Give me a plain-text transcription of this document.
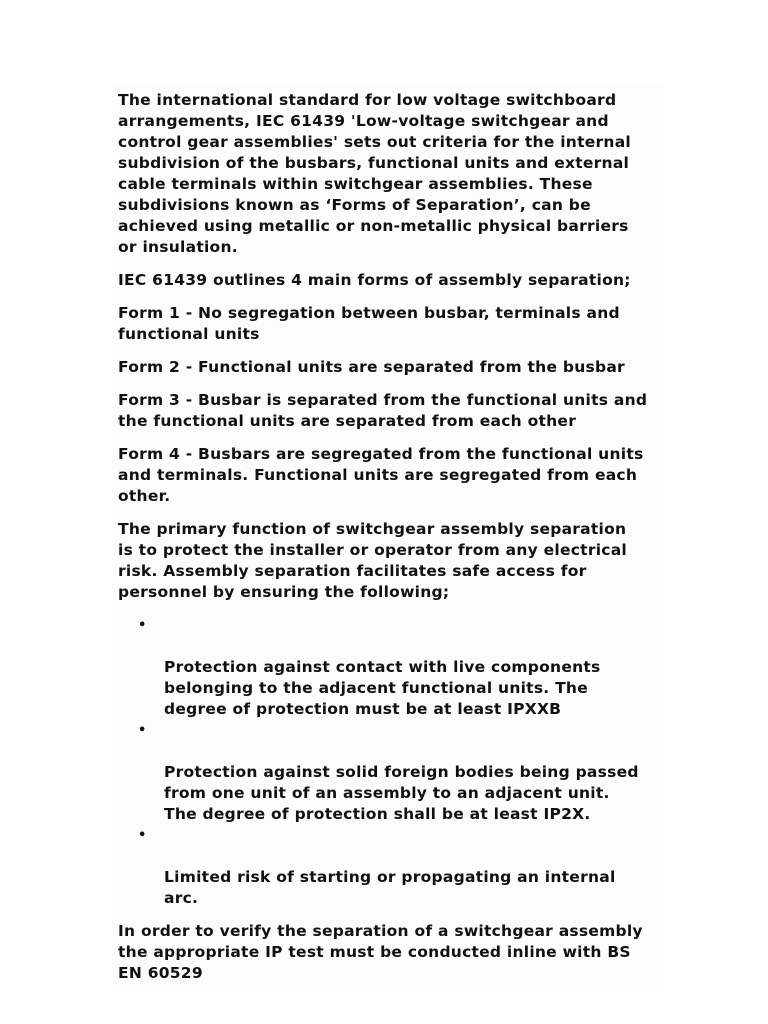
The international standard for low voltage switchboard
arrangements, IEC 61439 'Low-voltage switchgear and
control gear assemblies' sets out criteria for the internal
subdivision of the busbars, functional units and external
cable terminals within switchgear assemblies. These
subdivisions known as ‘Forms of Separation’, can be
achieved using metallic or non-metallic physical barriers
or insulation.

IEC 61439 outlines 4 main forms of assembly separation;

Form 1 - No segregation between busbar, terminals and
functional units

Form 2 - Functional units are separated from the busbar

Form 3 - Busbar is separated from the functional units and
the functional units are separated from each other

Form 4 - Busbars are segregated from the functional units
and terminals. Functional units are segregated from each
other.

The primary function of switchgear assembly separation
is to protect the installer or operator from any electrical
risk. Assembly separation facilitates safe access for
personnel by ensuring the following;

•

Protection against contact with live components
belonging to the adjacent functional units. The
degree of protection must be at least IPXXB

•

Protection against solid foreign bodies being passed
from one unit of an assembly to an adjacent unit.
The degree of protection shall be at least IP2X.

•

Limited risk of starting or propagating an internal
arc.

In order to verify the separation of a switchgear assembly
the appropriate IP test must be conducted inline with BS
EN 60529
